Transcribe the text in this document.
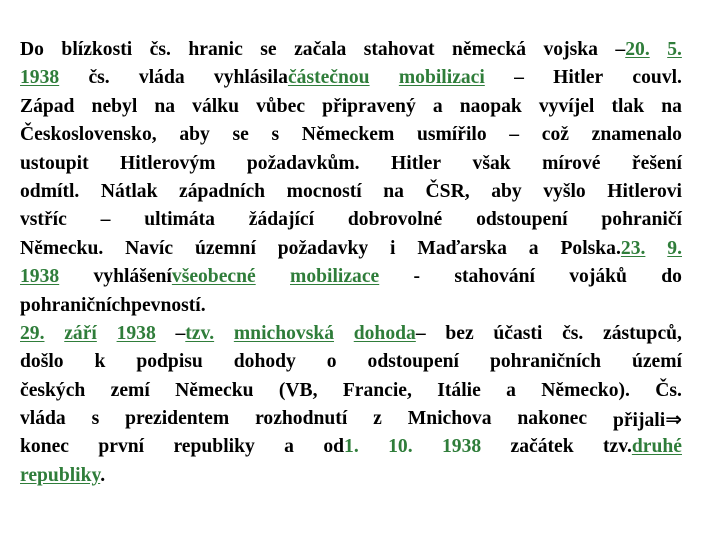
Do blízkosti čs. hranic se začala stahovat německá vojska –20. 5.
1938 čs. vláda vyhlásilačástečnou mobilizaci – Hitler couvl.
Západ nebyl na válku vůbec připravený a naopak vyvíjel tlak na
Československo, aby se s Německem usmířilo – což znamenalo
ustoupit Hitlerovým požadavkům. Hitler však mírové řešení
odmítl. Nátlak západních mocností na ČSR, aby vyšlo Hitlerovi
vstříc – ultimáta žádající dobrovolné odstoupení pohraničí
Německu. Navíc územní požadavky i Maďarska a Polska.23. 9.
1938 vyhlášenívšeobecné mobilizace - stahování vojáků do
pohraničních pevností.
29. září 1938 –tzv. mnichovská dohoda– bez účasti čs. zástupců,
došlo k podpisu dohody o odstoupení pohraničních území
českých zemí Německu (VB, Francie, Itálie a Německo). Čs.
vláda s prezidentem rozhodnutí z Mnichova nakonec přijali⇒
konec první republiky a od1. 10. 1938 začátek tzv.druhé
republiky.
